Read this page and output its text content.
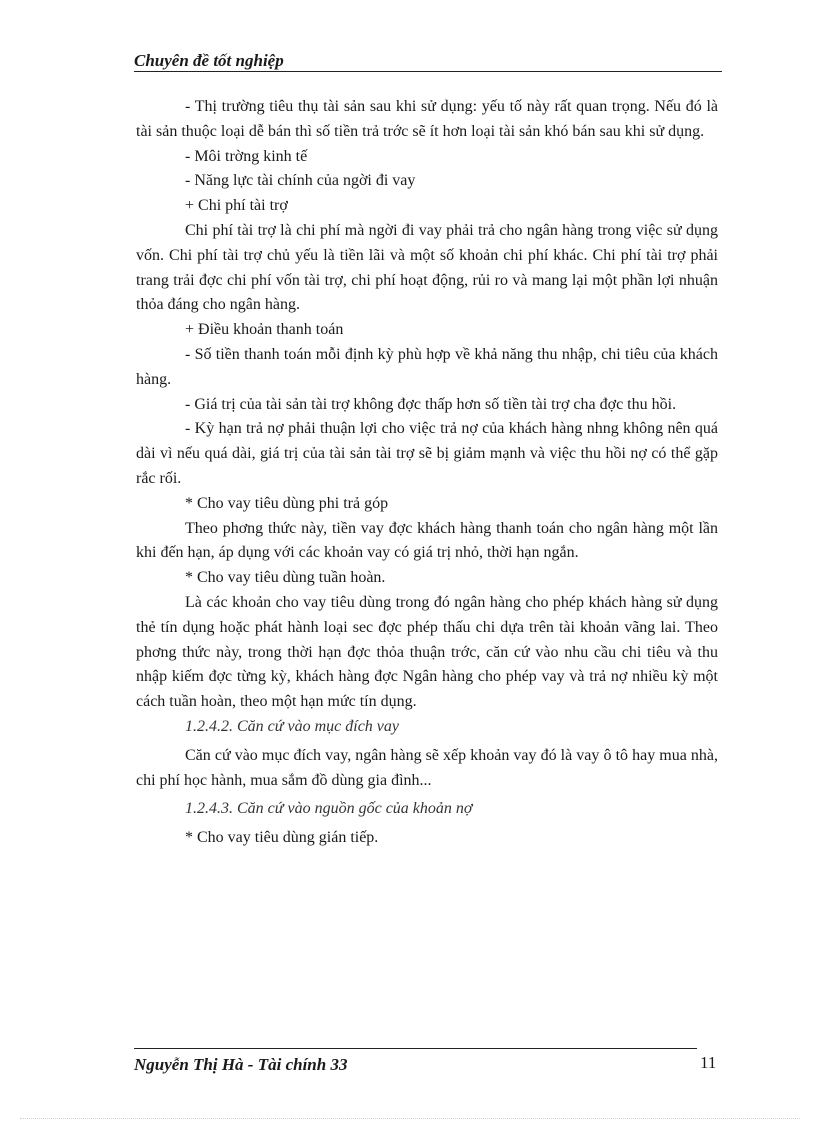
Chuyên đề tốt nghiệp

- Thị trường tiêu thụ tài sản sau khi sử dụng: yếu tố này rất quan trọng. Nếu đó là tài sản thuộc loại dễ bán thì số tiền trả trớc sẽ ít hơn loại tài sản khó bán sau khi sử dụng.

- Môi trờng kinh tế

- Năng lực tài chính của ngời đi vay

+ Chi phí tài trợ

Chi phí tài trợ là chi phí mà ngời đi vay phải trả cho ngân hàng trong việc sử dụng vốn. Chi phí tài trợ chủ yếu là tiền lãi và một số khoản chi phí khác. Chi phí tài trợ phải trang trải đợc chi phí vốn tài trợ, chi phí hoạt động, rủi ro và mang lại một phần lợi nhuận thỏa đáng cho ngân hàng.

+ Điều khoản thanh toán

- Số tiền thanh toán mỗi định kỳ phù hợp về khả năng thu nhập, chi tiêu của khách hàng.

- Giá trị của tài sản tài trợ không đợc thấp hơn số tiền tài trợ cha đợc thu hồi.

- Kỳ hạn trả nợ phải thuận lợi cho việc trả nợ của khách hàng nhng không nên quá dài vì nếu quá dài, giá trị của tài sản tài trợ sẽ bị giảm mạnh và việc thu hồi nợ có thể gặp rắc rối.

* Cho vay tiêu dùng phi trả góp

Theo phơng thức này, tiền vay đợc khách hàng thanh toán cho ngân hàng một lần khi đến hạn, áp dụng với các khoản vay có giá trị nhỏ, thời hạn ngắn.

* Cho vay tiêu dùng tuần hoàn.

Là các khoản cho vay tiêu dùng trong đó ngân hàng cho phép khách hàng sử dụng thẻ tín dụng hoặc phát hành loại sec đợc phép thấu chi dựa trên tài khoản vãng lai. Theo phơng thức này, trong thời hạn đợc thỏa thuận trớc, căn cứ vào nhu cầu chi tiêu và thu nhập kiếm đợc từng kỳ, khách hàng đợc Ngân hàng cho phép vay và trả nợ nhiều kỳ một cách tuần hoàn, theo một hạn mức tín dụng.

1.2.4.2. Căn cứ vào mục đích vay

Căn cứ vào mục đích vay, ngân hàng sẽ xếp khoản vay đó là vay ô tô hay mua nhà, chi phí học hành, mua sắm đồ dùng gia đình...

1.2.4.3. Căn cứ vào nguồn gốc của khoản nợ

* Cho vay tiêu dùng gián tiếp.

Nguyễn Thị Hà - Tài chính 33	11
